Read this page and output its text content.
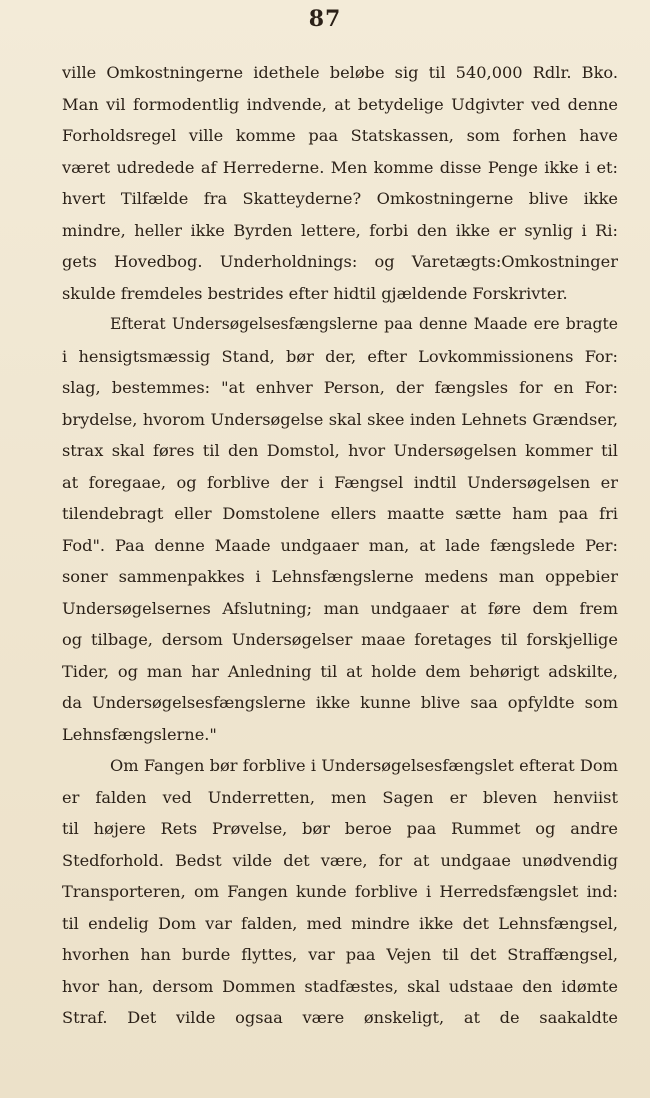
87
ville Omkostningerne idethele beløbe sig til 540,000 Rdlr. Bko.
Man vil formodentlig indvende, at betydelige Udgivter ved denne
Forholdsregel ville komme paa Statskassen, som forhen have
været udredede af Herrederne. Men komme disse Penge ikke i et:
hvert Tilfælde fra Skatteyderne? Omkostningerne blive ikke
mindre, heller ikke Byrden lettere, forbi den ikke er synlig i Ri:
gets Hovedbog. Underholdnings: og Varetægts:Omkostninger
skulde fremdeles bestrides efter hidtil gjældende Forskrivter.
Efterat Undersøgelsesfængslerne paa denne Maade ere bragte
i hensigtsmæssig Stand, bør der, efter Lovkommissionens For:
slag, bestemmes: "at enhver Person, der fængsles for en For:
brydelse, hvorom Undersøgelse skal skee inden Lehnets Grændser,
strax skal føres til den Domstol, hvor Undersøgelsen kommer til
at foregaae, og forblive der i Fængsel indtil Undersøgelsen er
tilendebragt eller Domstolene ellers maatte sætte ham paa fri
Fod". Paa denne Maade undgaaer man, at lade fængslede Per:
soner sammenpakkes i Lehnsfængslerne medens man oppebier
Undersøgelsernes Afslutning; man undgaaer at føre dem frem
og tilbage, dersom Undersøgelser maae foretages til forskjellige
Tider, og man har Anledning til at holde dem behørigt adskilte,
da Undersøgelsesfængslerne ikke kunne blive saa opfyldte som
Lehnsfængslerne."
Om Fangen bør forblive i Undersøgelsesfængslet efterat Dom
er falden ved Underretten, men Sagen er bleven henviist
til højere Rets Prøvelse, bør beroe paa Rummet og andre
Stedforhold. Bedst vilde det være, for at undgaae unødvendig
Transporteren, om Fangen kunde forblive i Herredsfængslet ind:
til endelig Dom var falden, med mindre ikke det Lehnsfængsel,
hvorhen han burde flyttes, var paa Vejen til det Straffængsel,
hvor han, dersom Dommen stadfæstes, skal udstaae den idømte
Straf. Det vilde ogsaa være ønskeligt, at de saakaldte
